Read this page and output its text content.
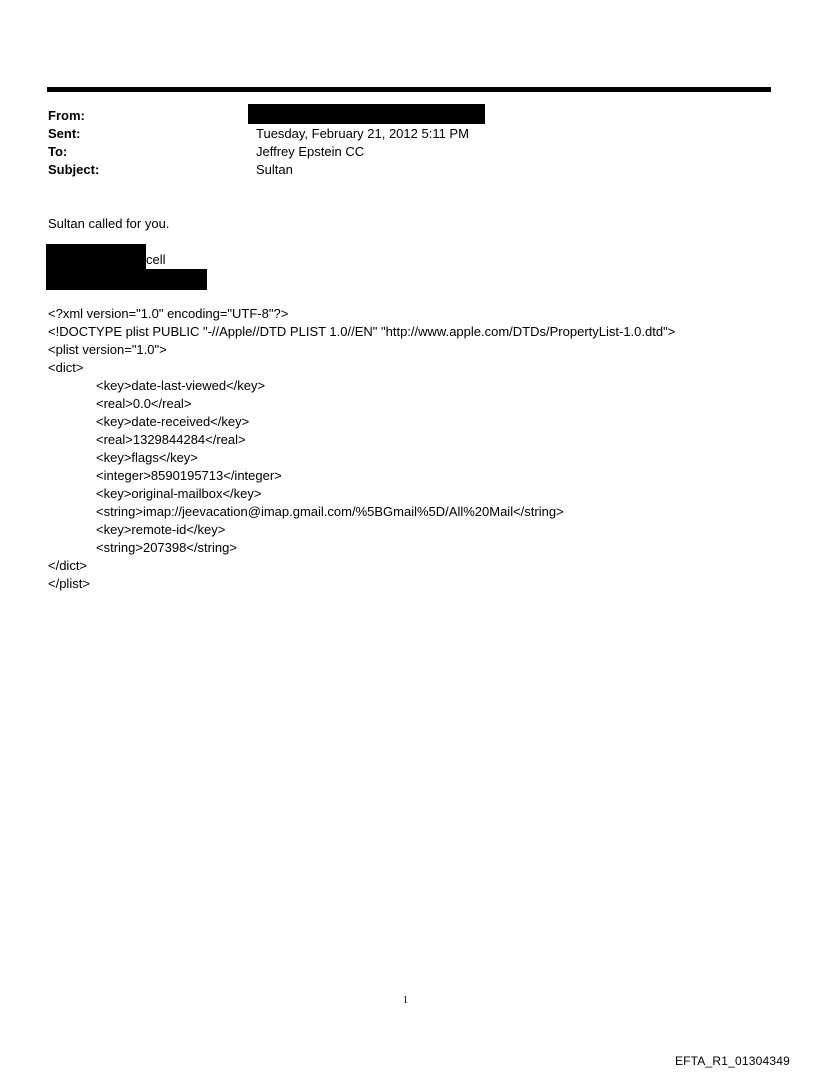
From:
Sent:	Tuesday, February 21, 2012 5:11 PM
To:	Jeffrey Epstein CC
Subject:	Sultan
Sultan called for you.
cell
<?xml version="1.0" encoding="UTF-8"?>
<!DOCTYPE plist PUBLIC "-//Apple//DTD PLIST 1.0//EN" "http://www.apple.com/DTDs/PropertyList-1.0.dtd">
<plist version="1.0">
<dict>
<key>date-last-viewed</key>
<real>0.0</real>
<key>date-received</key>
<real>1329844284</real>
<key>flags</key>
<integer>8590195713</integer>
<key>original-mailbox</key>
<string>imap://jeevacation@imap.gmail.com/%5BGmail%5D/All%20Mail</string>
<key>remote-id</key>
<string>207398</string>
</dict>
</plist>
1
EFTA_R1_01304349
